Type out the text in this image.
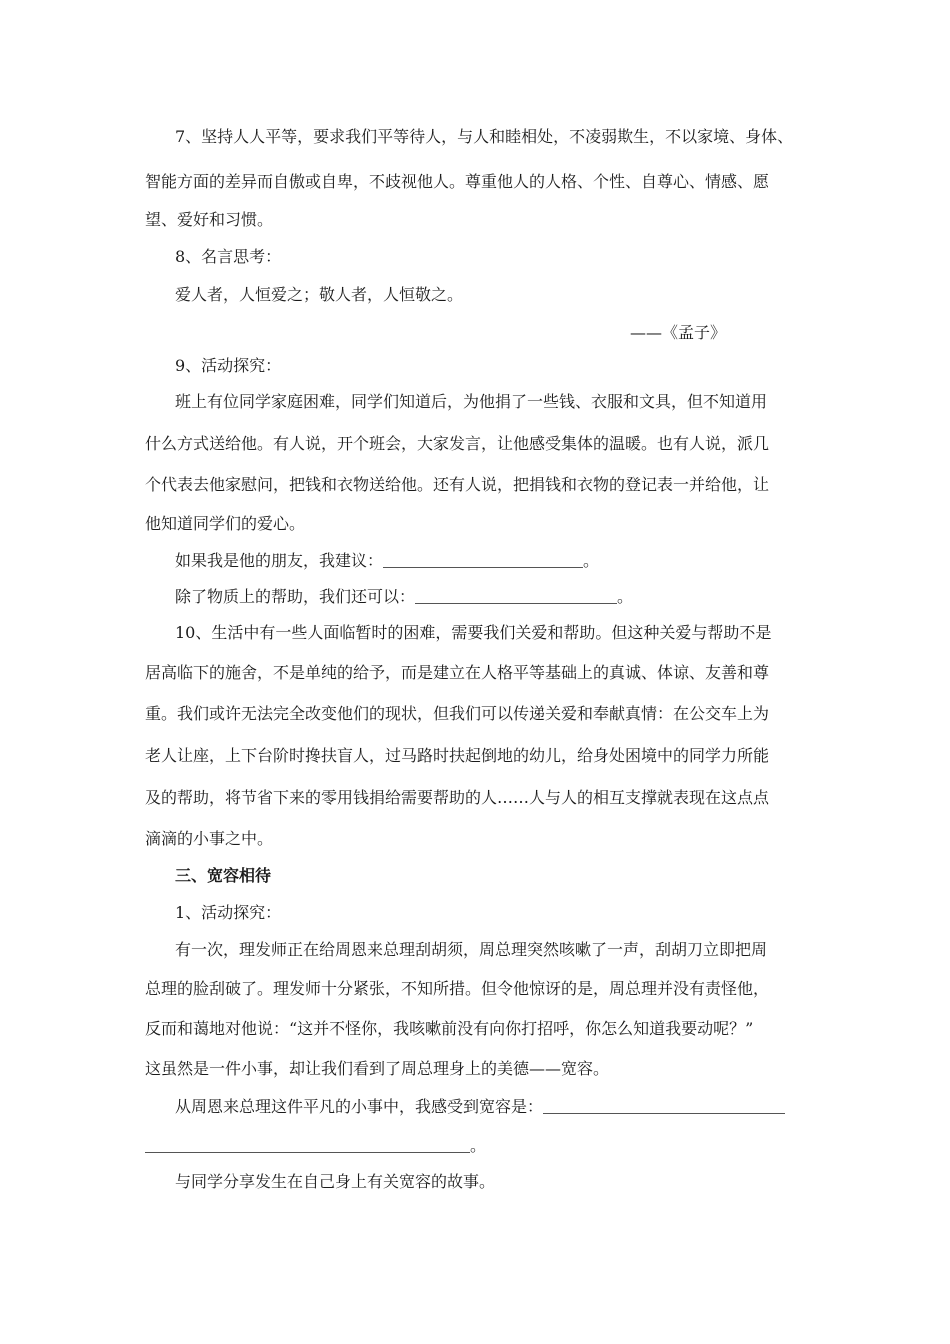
7、坚持人人平等，要求我们平等待人，与人和睦相处，不凌弱欺生，不以家境、身体、
智能方面的差异而自傲或自卑，不歧视他人。尊重他人的人格、个性、自尊心、情感、愿
望、爱好和习惯。
8、名言思考：
爱人者，人恒爱之；敬人者，人恒敬之。
——《孟子》
9、活动探究：
班上有位同学家庭困难，同学们知道后，为他捐了一些钱、衣服和文具，但不知道用
什么方式送给他。有人说，开个班会，大家发言，让他感受集体的温暖。也有人说，派几
个代表去他家慰问，把钱和衣物送给他。还有人说，把捐钱和衣物的登记表一并给他，让
他知道同学们的爱心。
如果我是他的朋友，我建议：	。
除了物质上的帮助，我们还可以：	。
10、生活中有一些人面临暂时的困难，需要我们关爱和帮助。但这种关爱与帮助不是
居高临下的施舍，不是单纯的给予，而是建立在人格平等基础上的真诚、体谅、友善和尊
重。我们或许无法完全改变他们的现状，但我们可以传递关爱和奉献真情：在公交车上为
老人让座，上下台阶时搀扶盲人，过马路时扶起倒地的幼儿，给身处困境中的同学力所能
及的帮助，将节省下来的零用钱捐给需要帮助的人……人与人的相互支撑就表现在这点点
滴滴的小事之中。
三、宽容相待
1、活动探究：
有一次，理发师正在给周恩来总理刮胡须，周总理突然咳嗽了一声，刮胡刀立即把周
总理的脸刮破了。理发师十分紧张，不知所措。但令他惊讶的是，周总理并没有责怪他，
反而和蔼地对他说：“这并不怪你，我咳嗽前没有向你打招呼，你怎么知道我要动呢？”
这虽然是一件小事，却让我们看到了周总理身上的美德——宽容。
从周恩来总理这件平凡的小事中，我感受到宽容是：
。
与同学分享发生在自己身上有关宽容的故事。
